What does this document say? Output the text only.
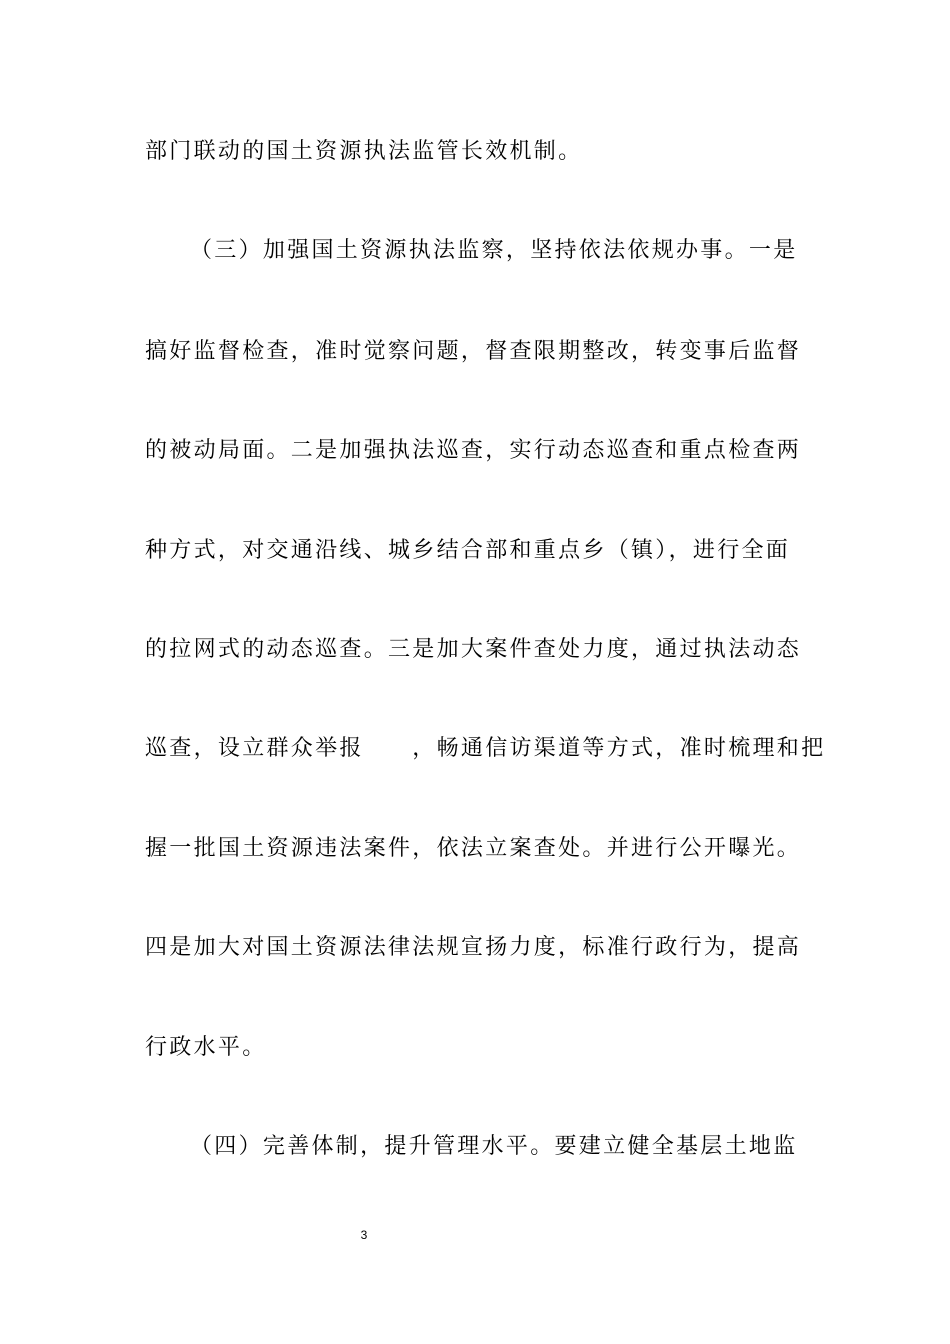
部门联动的国土资源执法监管长效机制。
（三）加强国土资源执法监察，坚持依法依规办事。一是
搞好监督检查，准时觉察问题，督查限期整改，转变事后监督
的被动局面。二是加强执法巡查，实行动态巡查和重点检查两
种方式，对交通沿线、城乡结合部和重点乡（镇），进行全面
的拉网式的动态巡查。三是加大案件查处力度，通过执法动态
巡查，设立群众举报　　，畅通信访渠道等方式，准时梳理和把
握一批国土资源违法案件，依法立案查处。并进行公开曝光。
四是加大对国土资源法律法规宣扬力度，标准行政行为，提高
行政水平。
（四）完善体制，提升管理水平。要建立健全基层土地监
3
